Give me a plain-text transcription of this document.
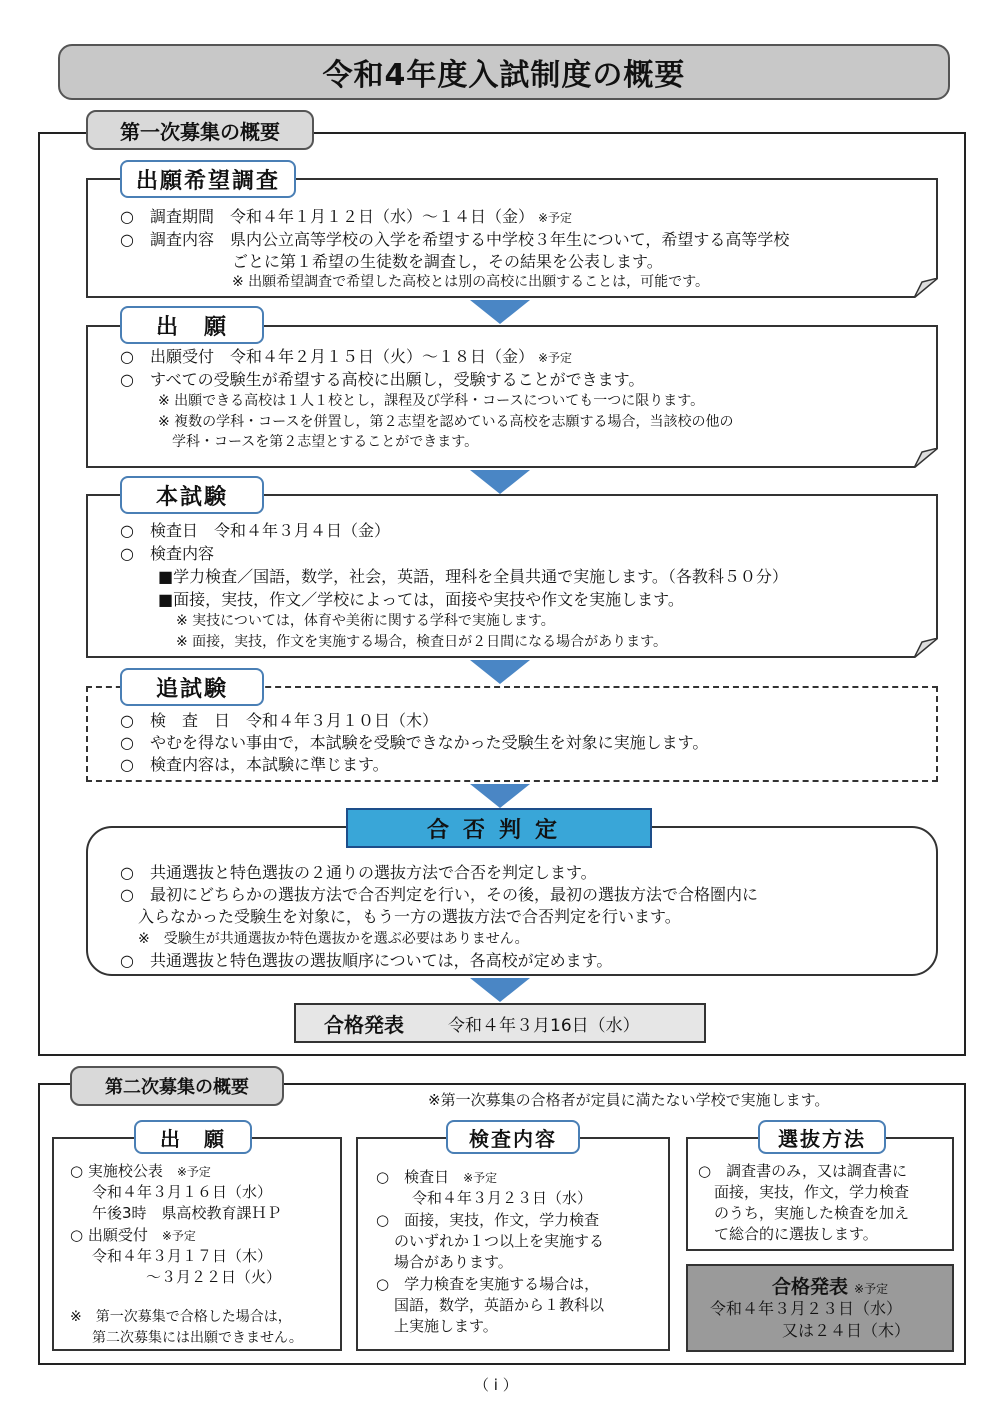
令和4年度入試制度の概要
第一次募集の概要
出願希望調査
○　調査期間　令和４年１月１２日（水）～１４日（金） ※予定
○　調査内容　県内公立高等学校の入学を希望する中学校３年生について，希望する高等学校
ごとに第１希望の生徒数を調査し，その結果を公表します。
※ 出願希望調査で希望した高校とは別の高校に出願することは，可能です。
出　願
○　出願受付　令和４年２月１５日（火）～１８日（金） ※予定
○　すべての受験生が希望する高校に出願し，受験することができます。
※ 出願できる高校は１人１校とし，課程及び学科・コースについても一つに限ります。
※ 複数の学科・コースを併置し，第２志望を認めている高校を志願する場合，当該校の他の
学科・コースを第２志望とすることができます。
本試験
○　検査日　令和４年３月４日（金）
○　検査内容
■学力検査／国語，数学，社会，英語，理科を全員共通で実施します。（各教科５０分）
■面接，実技，作文／学校によっては，面接や実技や作文を実施します。
※ 実技については，体育や美術に関する学科で実施します。
※ 面接，実技，作文を実施する場合，検査日が２日間になる場合があります。
追試験
○　検　査　日　令和４年３月１０日（木）
○　やむを得ない事由で，本試験を受験できなかった受験生を対象に実施します。
○　検査内容は，本試験に準じます。
合否判定
○　共通選抜と特色選抜の２通りの選抜方法で合否を判定します。
○　最初にどちらかの選抜方法で合否判定を行い，その後，最初の選抜方法で合格圏内に
入らなかった受験生を対象に，もう一方の選抜方法で合否判定を行います。
※　受験生が共通選抜か特色選抜かを選ぶ必要はありません。
○　共通選抜と特色選抜の選抜順序については，各高校が定めます。
合格発表	令和４年３月16日（水）
第二次募集の概要
※第一次募集の合格者が定員に満たない学校で実施します。
出　願
○ 実施校公表 ※予定
令和４年３月１６日（水）
午後3時　県高校教育課ＨＰ
○ 出願受付 ※予定
令和４年３月１７日（木）
～３月２２日（火）
※　第一次募集で合格した場合は，
第二次募集には出願できません。
検査内容
○　検査日 ※予定
令和４年３月２３日（水）
○　面接，実技，作文，学力検査
のいずれか１つ以上を実施する
場合があります。
○　学力検査を実施する場合は，
国語，数学，英語から１教科以
上実施します。
選抜方法
○　調査書のみ，又は調査書に
面接，実技，作文，学力検査
のうち，実施した検査を加え
て総合的に選抜します。
合格発表 ※予定
令和４年３月２３日（水）
又は２４日（木）
（ i ）
